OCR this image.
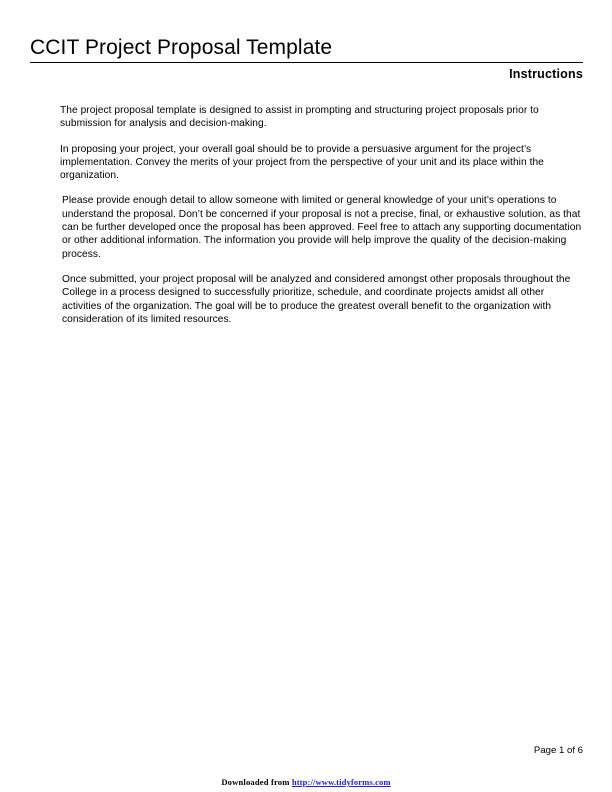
CCIT Project Proposal Template
Instructions

The project proposal template is designed to assist in prompting and structuring project proposals prior to submission for analysis and decision-making.

In proposing your project, your overall goal should be to provide a persuasive argument for the project’s implementation. Convey the merits of your project from the perspective of your unit and its place within the organization.

Please provide enough detail to allow someone with limited or general knowledge of your unit’s operations to understand the proposal. Don’t be concerned if your proposal is not a precise, final, or exhaustive solution, as that can be further developed once the proposal has been approved. Feel free to attach any supporting documentation or other additional information. The information you provide will help improve the quality of the decision-making process.

Once submitted, your project proposal will be analyzed and considered amongst other proposals throughout the College in a process designed to successfully prioritize, schedule, and coordinate projects amidst all other activities of the organization. The goal will be to produce the greatest overall benefit to the organization with consideration of its limited resources.

Page 1 of 6
Downloaded from http://www.tidyforms.com
